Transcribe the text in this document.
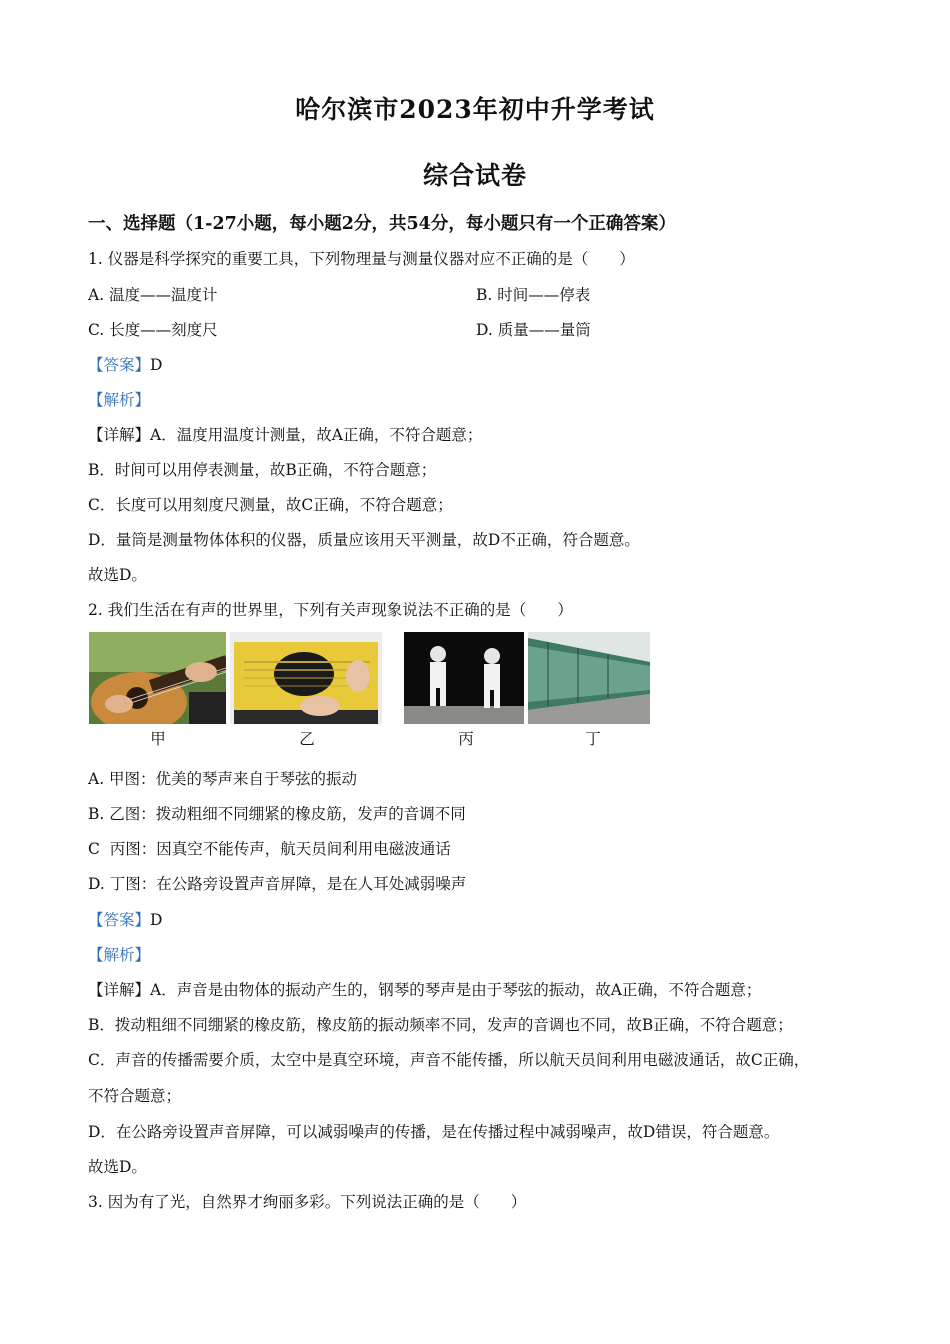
哈尔滨市2023年初中升学考试
综合试卷
一、选择题（1-27小题，每小题2分，共54分，每小题只有一个正确答案）
1. 仪器是科学探究的重要工具，下列物理量与测量仪器对应不正确的是（　　）
A. 温度——温度计	B. 时间——停表
C. 长度——刻度尺	D. 质量——量筒
【答案】D
【解析】
【详解】A．温度用温度计测量，故A正确，不符合题意；
B．时间可以用停表测量，故B正确，不符合题意；
C．长度可以用刻度尺测量，故C正确，不符合题意；
D．量筒是测量物体体积的仪器，质量应该用天平测量，故D不正确，符合题意。
故选D。
2. 我们生活在有声的世界里，下列有关声现象说法不正确的是（　　）
甲	乙	丙	丁
A. 甲图：优美的琴声来自于琴弦的振动
B. 乙图：拨动粗细不同绷紧的橡皮筋，发声的音调不同
C  丙图：因真空不能传声，航天员间利用电磁波通话
D. 丁图：在公路旁设置声音屏障，是在人耳处减弱噪声
【答案】D
【解析】
【详解】A．声音是由物体的振动产生的，钢琴的琴声是由于琴弦的振动，故A正确，不符合题意；
B．拨动粗细不同绷紧的橡皮筋，橡皮筋的振动频率不同，发声的音调也不同，故B正确，不符合题意；
C．声音的传播需要介质，太空中是真空环境，声音不能传播，所以航天员间利用电磁波通话，故C正确，
不符合题意；
D．在公路旁设置声音屏障，可以减弱噪声的传播，是在传播过程中减弱噪声，故D错误，符合题意。
故选D。
3. 因为有了光，自然界才绚丽多彩。下列说法正确的是（　　）
